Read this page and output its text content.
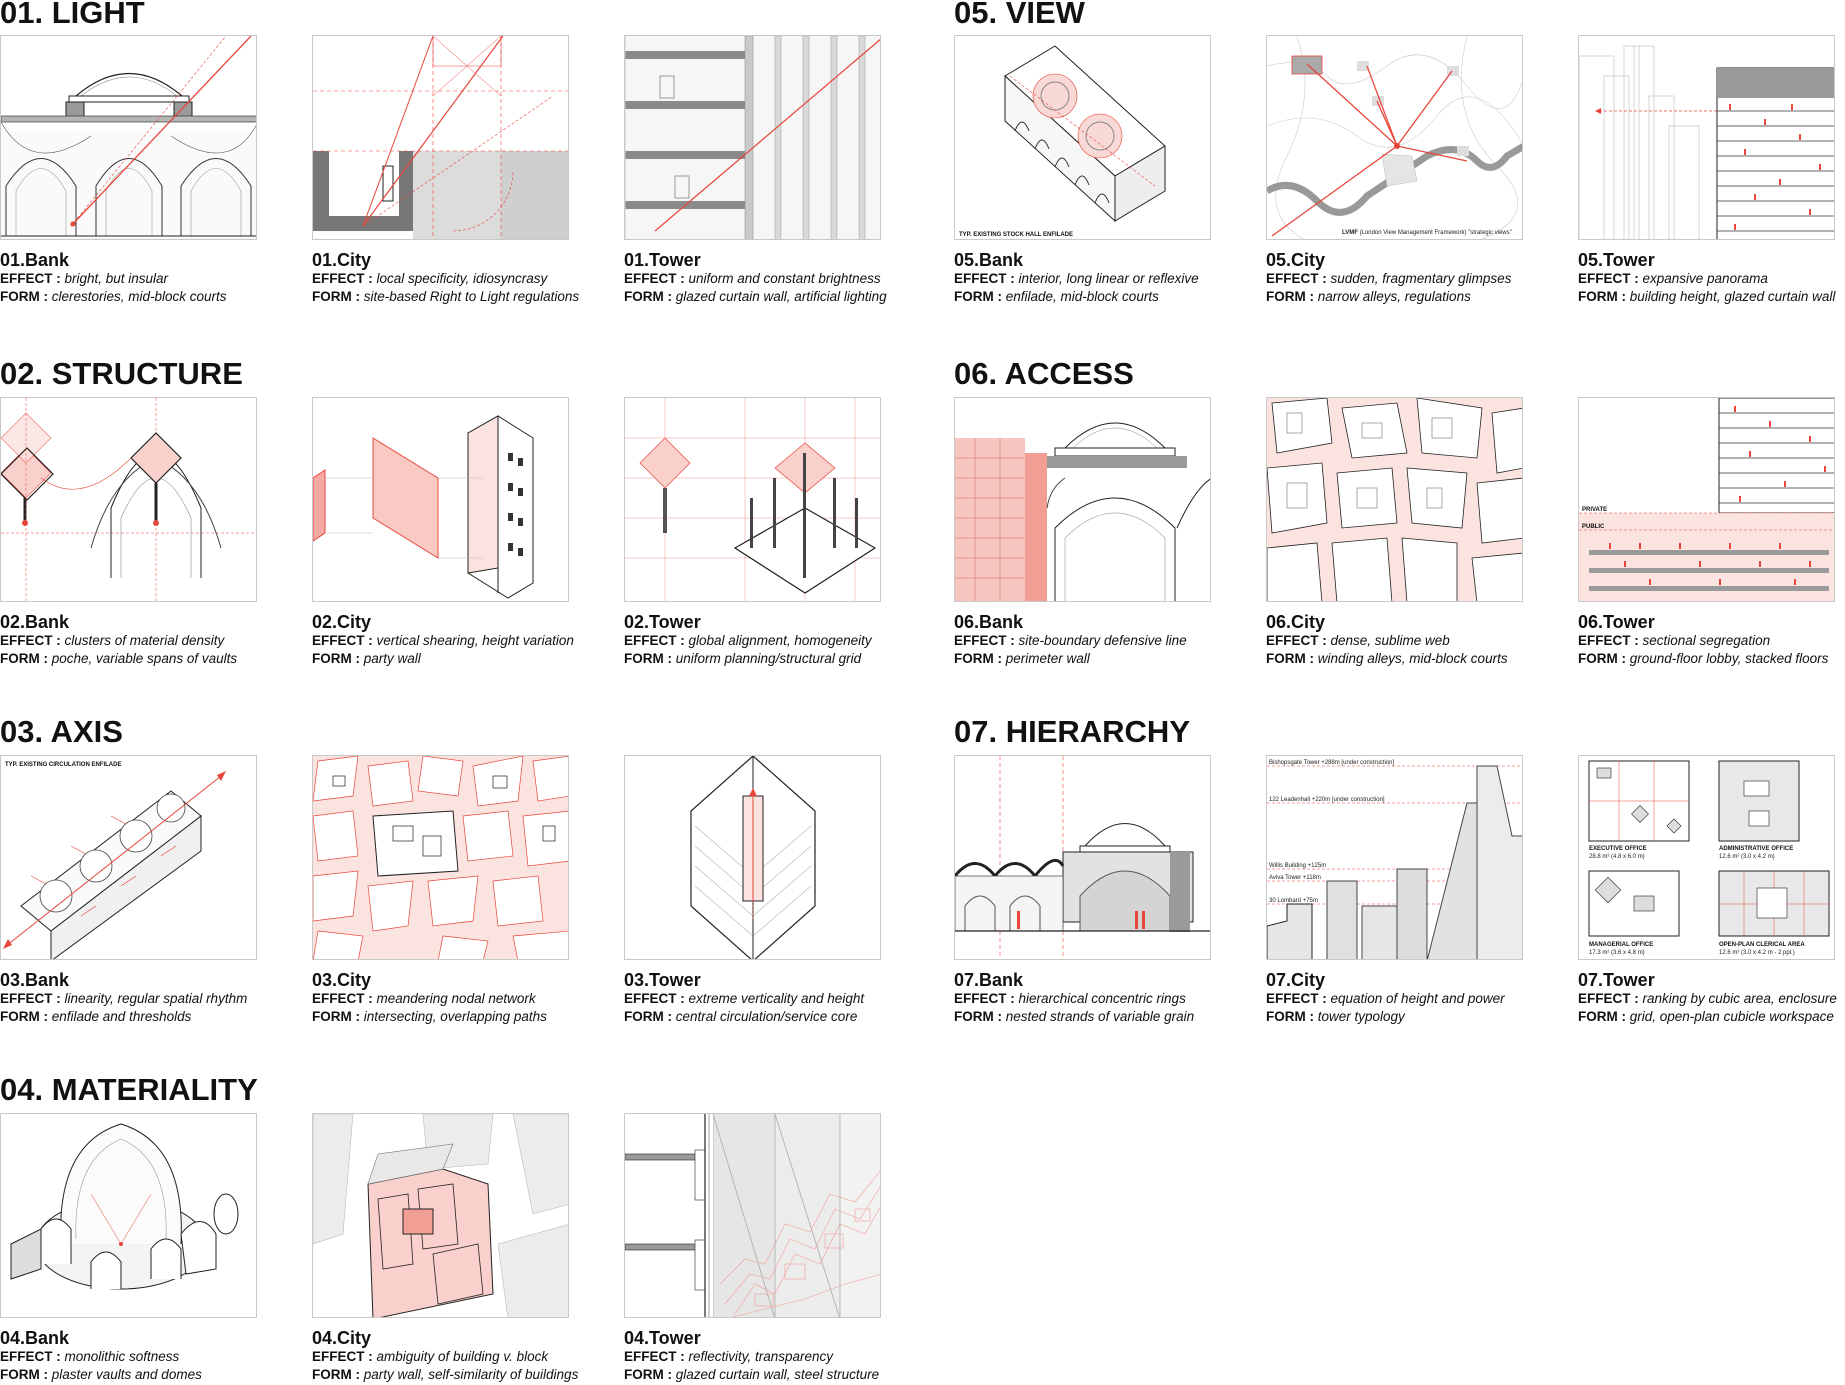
01. LIGHT	05. VIEW
02. STRUCTURE	06. ACCESS
03. AXIS	07. HIERARCHY
04. MATERIALITY
01.Bank
EFFECT : bright, but insular
FORM : clerestories, mid-block courts
01.City
EFFECT : local specificity, idiosyncrasy
FORM : site-based Right to Light regulations
01.Tower
EFFECT : uniform and constant brightness
FORM : glazed curtain wall, artificial lighting
TYP. EXISTING STOCK HALL ENFILADE
05.Bank
EFFECT : interior, long linear or reflexive
FORM : enfilade, mid-block courts
LVMF (London View Management Framework) "strategic views"
05.City
EFFECT : sudden, fragmentary glimpses
FORM : narrow alleys, regulations
05.Tower
EFFECT : expansive panorama
FORM : building height, glazed curtain wall
02.Bank
EFFECT : clusters of material density
FORM : poche, variable spans of vaults
02.City
EFFECT : vertical shearing, height variation
FORM : party wall
02.Tower
EFFECT : global alignment, homogeneity
FORM : uniform planning/structural grid
06.Bank
EFFECT : site-boundary defensive line
FORM : perimeter wall
06.City
EFFECT : dense, sublime web
FORM : winding alleys, mid-block courts
PRIVATE
PUBLIC
06.Tower
EFFECT : sectional segregation
FORM : ground-floor lobby, stacked floors
TYP. EXISTING CIRCULATION ENFILADE
03.Bank
EFFECT : linearity, regular spatial rhythm
FORM : enfilade and thresholds
03.City
EFFECT : meandering nodal network
FORM : intersecting, overlapping paths
03.Tower
EFFECT : extreme verticality and height
FORM : central circulation/service core
07.Bank
EFFECT : hierarchical concentric rings
FORM : nested strands of variable grain
Bishopsgate Tower +288m [under construction]
122 Leadenhall +220m [under construction]
Willis Building +125m
Aviva Tower +118m
30 Lombard +75m
07.City
EFFECT : equation of height and power
FORM : tower typology
EXECUTIVE OFFICE
28.8 m² (4.8 x 6.0 m)
ADMINISTRATIVE OFFICE
12.6 m² (3.0 x 4.2 m)
MANAGERIAL OFFICE
17.3 m² (3.6 x 4.8 m)
OPEN-PLAN CLERICAL AREA
12.6 m² (3.0 x 4.2 m - 2 ppl.)
07.Tower
EFFECT : ranking by cubic area, enclosure
FORM : grid, open-plan cubicle workspace
04.Bank
EFFECT : monolithic softness
FORM : plaster vaults and domes
04.City
EFFECT : ambiguity of building v. block
FORM : party wall, self-similarity of buildings
04.Tower
EFFECT : reflectivity, transparency
FORM : glazed curtain wall, steel structure
